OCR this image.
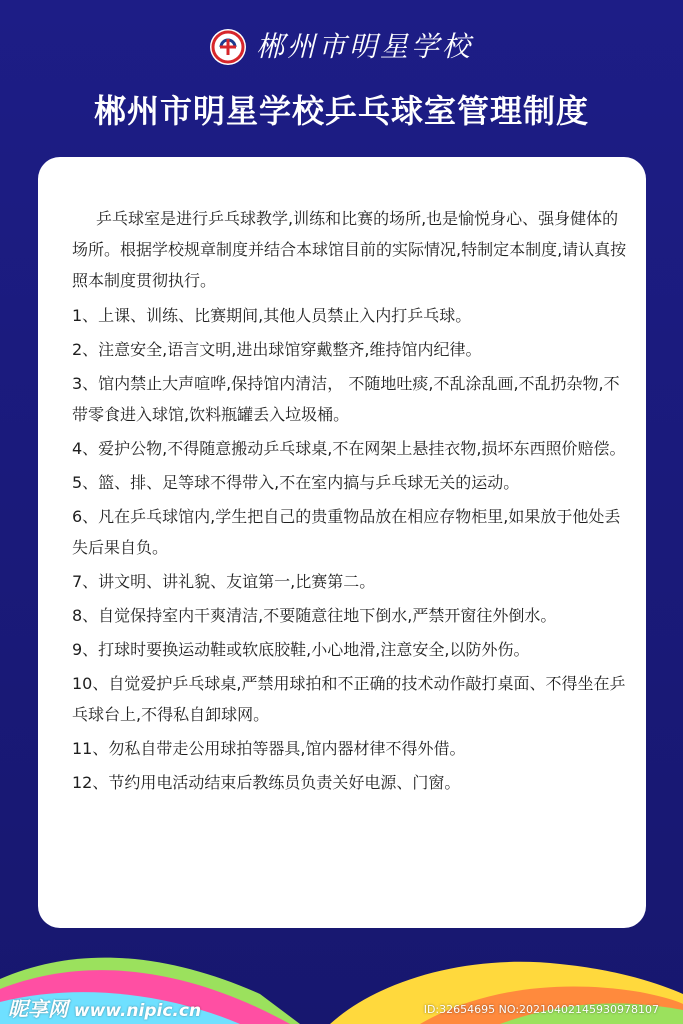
郴州市明星学校
郴州市明星学校乒乓球室管理制度

乒乓球室是进行乒乓球教学,训练和比赛的场所,也是愉悦身心、强身健体的场所。根据学校规章制度并结合本球馆目前的实际情况,特制定本制度,请认真按照本制度贯彻执行。

1、上课、训练、比赛期间,其他人员禁止入内打乒乓球。
2、注意安全,语言文明,进出球馆穿戴整齐,维持馆内纪律。
3、馆内禁止大声喧哗,保持馆内清洁， 不随地吐痰,不乱涂乱画,不乱扔杂物,不带零食进入球馆,饮料瓶罐丢入垃圾桶。
4、爱护公物,不得随意搬动乒乓球桌,不在网架上悬挂衣物,损坏东西照价赔偿。
5、篮、排、足等球不得带入,不在室内搞与乒乓球无关的运动。
6、凡在乒乓球馆内,学生把自己的贵重物品放在相应存物柜里,如果放于他处丢失后果自负。
7、讲文明、讲礼貌、友谊第一,比赛第二。
8、自觉保持室内干爽清洁,不要随意往地下倒水,严禁开窗往外倒水。
9、打球时要换运动鞋或软底胶鞋,小心地滑,注意安全,以防外伤。
10、自觉爱护乒乓球桌,严禁用球拍和不正确的技术动作敲打桌面、不得坐在乒乓球台上,不得私自卸球网。
11、勿私自带走公用球拍等器具,馆内器材律不得外借。
12、节约用电活动结束后教练员负责关好电源、门窗。
昵享网 www.nipic.cn	ID:32654695 NO:20210402145930978107
